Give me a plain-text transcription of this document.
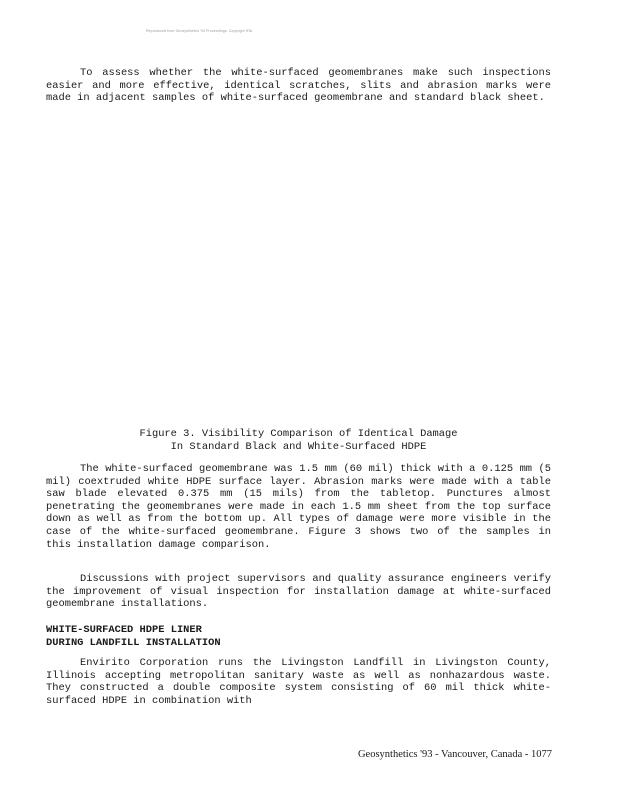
Reproduced from Geosynthetics '93 Proceedings. Copyright IFAI.

To assess whether the white-surfaced geomembranes make such inspections easier and more effective, identical scratches, slits and abrasion marks were made in adjacent samples of white-surfaced geomembrane and standard black sheet.

Figure 3. Visibility Comparison of Identical Damage
In Standard Black and White-Surfaced HDPE

The white-surfaced geomembrane was 1.5 mm (60 mil) thick with a 0.125 mm (5 mil) coextruded white HDPE surface layer. Abrasion marks were made with a table saw blade elevated 0.375 mm (15 mils) from the tabletop. Punctures almost penetrating the geomembranes were made in each 1.5 mm sheet from the top surface down as well as from the bottom up. All types of damage were more visible in the case of the white-surfaced geomembrane. Figure 3 shows two of the samples in this installation damage comparison.

Discussions with project supervisors and quality assurance engineers verify the improvement of visual inspection for installation damage at white-surfaced geomembrane installations.

WHITE-SURFACED HDPE LINER
DURING LANDFILL INSTALLATION

Envirito Corporation runs the Livingston Landfill in Livingston County, Illinois accepting metropolitan sanitary waste as well as nonhazardous waste. They constructed a double composite system consisting of 60 mil thick white-surfaced HDPE in combination with

Geosynthetics '93 - Vancouver, Canada - 1077
